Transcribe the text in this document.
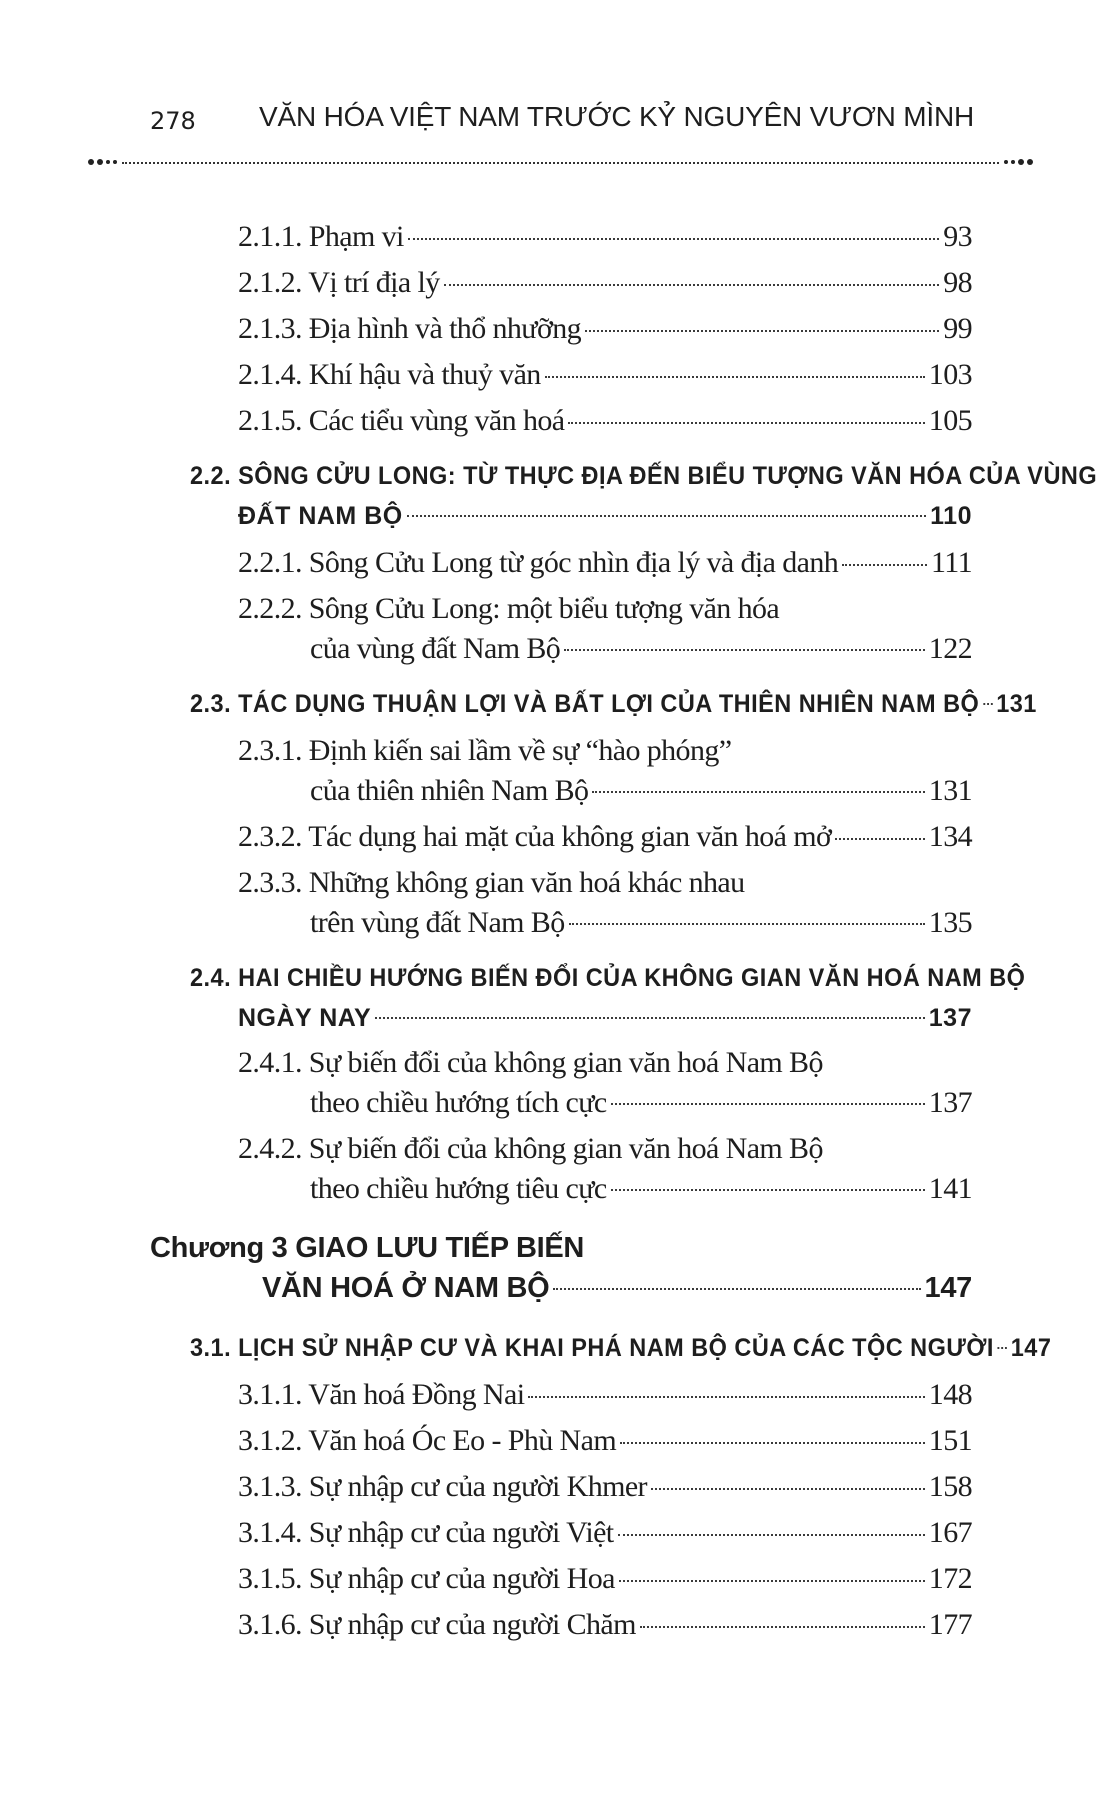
278 VĂN HÓA VIỆT NAM TRƯỚC KỶ NGUYÊN VƯƠN MÌNH
2.1.1. Phạm vi	93
2.1.2. Vị trí địa lý	98
2.1.3. Địa hình và thổ nhưỡng	99
2.1.4. Khí hậu và thuỷ văn	103
2.1.5. Các tiểu vùng văn hoá	105
2.2. SÔNG CỬU LONG: TỪ THỰC ĐỊA ĐẾN BIỂU TƯỢNG VĂN HÓA CỦA VÙNG
ĐẤT NAM BỘ	110
2.2.1. Sông Cửu Long từ góc nhìn địa lý và địa danh	111
2.2.2. Sông Cửu Long: một biểu tượng văn hóa
của vùng đất Nam Bộ	122
2.3. TÁC DỤNG THUẬN LỢI VÀ BẤT LỢI CỦA THIÊN NHIÊN NAM BỘ 131
2.3.1. Định kiến sai lầm về sự “hào phóng”
của thiên nhiên Nam Bộ	131
2.3.2. Tác dụng hai mặt của không gian văn hoá mở	134
2.3.3. Những không gian văn hoá khác nhau
trên vùng đất Nam Bộ	135
2.4. HAI CHIỀU HƯỚNG BIẾN ĐỔI CỦA KHÔNG GIAN VĂN HOÁ NAM BỘ
NGÀY NAY	137
2.4.1. Sự biến đổi của không gian văn hoá Nam Bộ
theo chiều hướng tích cực	137
2.4.2. Sự biến đổi của không gian văn hoá Nam Bộ
theo chiều hướng tiêu cực	141
Chương 3 GIAO LƯU TIẾP BIẾN
VĂN HOÁ Ở NAM BỘ	147
3.1. LỊCH SỬ NHẬP CƯ VÀ KHAI PHÁ NAM BỘ CỦA CÁC TỘC NGƯỜI 147
3.1.1. Văn hoá Đồng Nai	148
3.1.2. Văn hoá Óc Eo - Phù Nam	151
3.1.3. Sự nhập cư của người Khmer	158
3.1.4. Sự nhập cư của người Việt	167
3.1.5. Sự nhập cư của người Hoa	172
3.1.6. Sự nhập cư của người Chăm	177
